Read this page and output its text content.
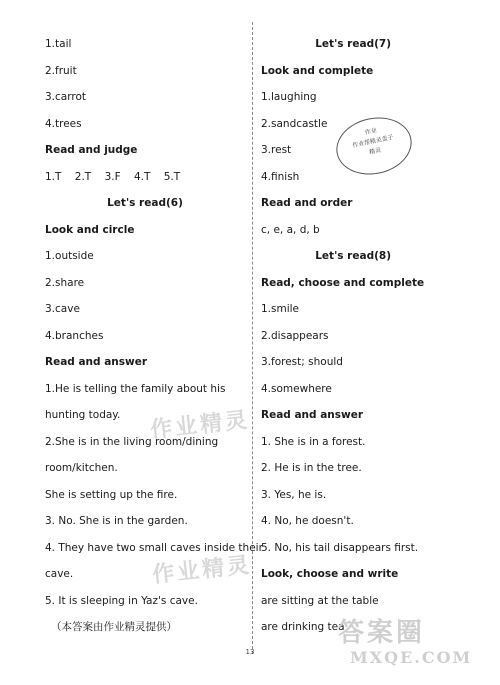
1.tail
2.fruit
3.carrot
4.trees
Read and judge
1.T    2.T    3.F    4.T    5.T
Let's read(6)
Look and circle
1.outside
2.share
3.cave
4.branches
Read and answer
1.He is telling the family about his
hunting today.
2.She is in the living room/dining
room/kitchen.
She is setting up the fire.
3. No. She is in the garden.
4. They have two small caves inside their
cave.
5. It is sleeping in Yaz's cave.
（本答案由作业精灵提供）
Let's read(7)
Look and complete
1.laughing
2.sandcastle
3.rest
4.finish
Read and order
c, e, a, d, b
Let's read(8)
Read, choose and complete
1.smile
2.disappears
3.forest; should
4.somewhere
Read and answer
1. She is in a forest.
2. He is in the tree.
3. Yes, he is.
4. No, he doesn't.
5. No, his tail disappears first.
Look, choose and write
are sitting at the table
are drinking tea
作业
作业帮精灵盖子
精灵
作业精灵
作业精灵
答案圈
MXQE.COM
13
